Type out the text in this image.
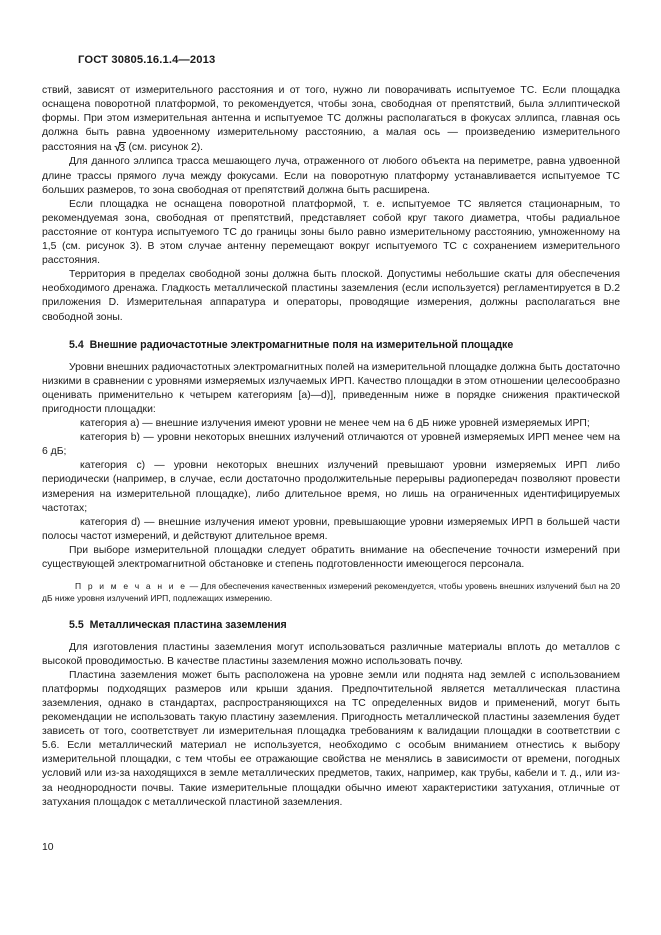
ГОСТ 30805.16.1.4—2013

ствий, зависят от измерительного расстояния и от того, нужно ли поворачивать испытуемое ТС. Если площадка оснащена поворотной платформой, то рекомендуется, чтобы зона, свободная от препятствий, была эллиптической формы. При этом измерительная антенна и испытуемое ТС должны располагаться в фокусах эллипса, главная ось должна быть равна удвоенному измерительному расстоянию, а малая ось — произведению измерительного расстояния на √3 (см. рисунок 2).

Для данного эллипса трасса мешающего луча, отраженного от любого объекта на периметре, равна удвоенной длине трассы прямого луча между фокусами. Если на поворотную платформу устанавливается испытуемое ТС больших размеров, то зона свободная от препятствий должна быть расширена.

Если площадка не оснащена поворотной платформой, т. е. испытуемое ТС является стационарным, то рекомендуемая зона, свободная от препятствий, представляет собой круг такого диаметра, чтобы радиальное расстояние от контура испытуемого ТС до границы зоны было равно измерительному расстоянию, умноженному на 1,5 (см. рисунок 3). В этом случае антенну перемещают вокруг испытуемого ТС с сохранением измерительного расстояния.

Территория в пределах свободной зоны должна быть плоской. Допустимы небольшие скаты для обеспечения необходимого дренажа. Гладкость металлической пластины заземления (если используется) регламентируется в D.2 приложения D. Измерительная аппаратура и операторы, проводящие измерения, должны располагаться вне свободной зоны.

5.4 Внешние радиочастотные электромагнитные поля на измерительной площадке

Уровни внешних радиочастотных электромагнитных полей на измерительной площадке должна быть достаточно низкими в сравнении с уровнями измеряемых излучаемых ИРП. Качество площадки в этом отношении целесообразно оценивать применительно к четырем категориям [a)—d)], приведенным ниже в порядке снижения практической пригодности площадки:

категория a) — внешние излучения имеют уровни не менее чем на 6 дБ ниже уровней измеряемых ИРП;

категория b) — уровни некоторых внешних излучений отличаются от уровней измеряемых ИРП менее чем на 6 дБ;

категория c) — уровни некоторых внешних излучений превышают уровни измеряемых ИРП либо периодически (например, в случае, если достаточно продолжительные перерывы радиопередач позволяют провести измерения на измерительной площадке), либо длительное время, но лишь на ограниченных идентифицируемых частотах;

категория d) — внешние излучения имеют уровни, превышающие уровни измеряемых ИРП в большей части полосы частот измерений, и действуют длительное время.

При выборе измерительной площадки следует обратить внимание на обеспечение точности измерений при существующей электромагнитной обстановке и степень подготовленности имеющегося персонала.

П р и м е ч а н и е — Для обеспечения качественных измерений рекомендуется, чтобы уровень внешних излучений был на 20 дБ ниже уровня излучений ИРП, подлежащих измерению.

5.5 Металлическая пластина заземления

Для изготовления пластины заземления могут использоваться различные материалы вплоть до металлов с высокой проводимостью. В качестве пластины заземления можно использовать почву.

Пластина заземления может быть расположена на уровне земли или поднята над землей с использованием платформы подходящих размеров или крыши здания. Предпочтительной является металлическая пластина заземления, однако в стандартах, распространяющихся на ТС определенных видов и применений, могут быть рекомендации не использовать такую пластину заземления. Пригодность металлической пластины заземления будет зависеть от того, соответствует ли измерительная площадка требованиям к валидации площадки в соответствии с 5.6. Если металлический материал не используется, необходимо с особым вниманием отнестись к выбору измерительной площадки, с тем чтобы ее отражающие свойства не менялись в зависимости от времени, погодных условий или из-за находящихся в земле металлических предметов, таких, например, как трубы, кабели и т. д., или из-за неоднородности почвы. Такие измерительные площадки обычно имеют характеристики затухания, отличные от затухания площадок с металлической пластиной заземления.

10
